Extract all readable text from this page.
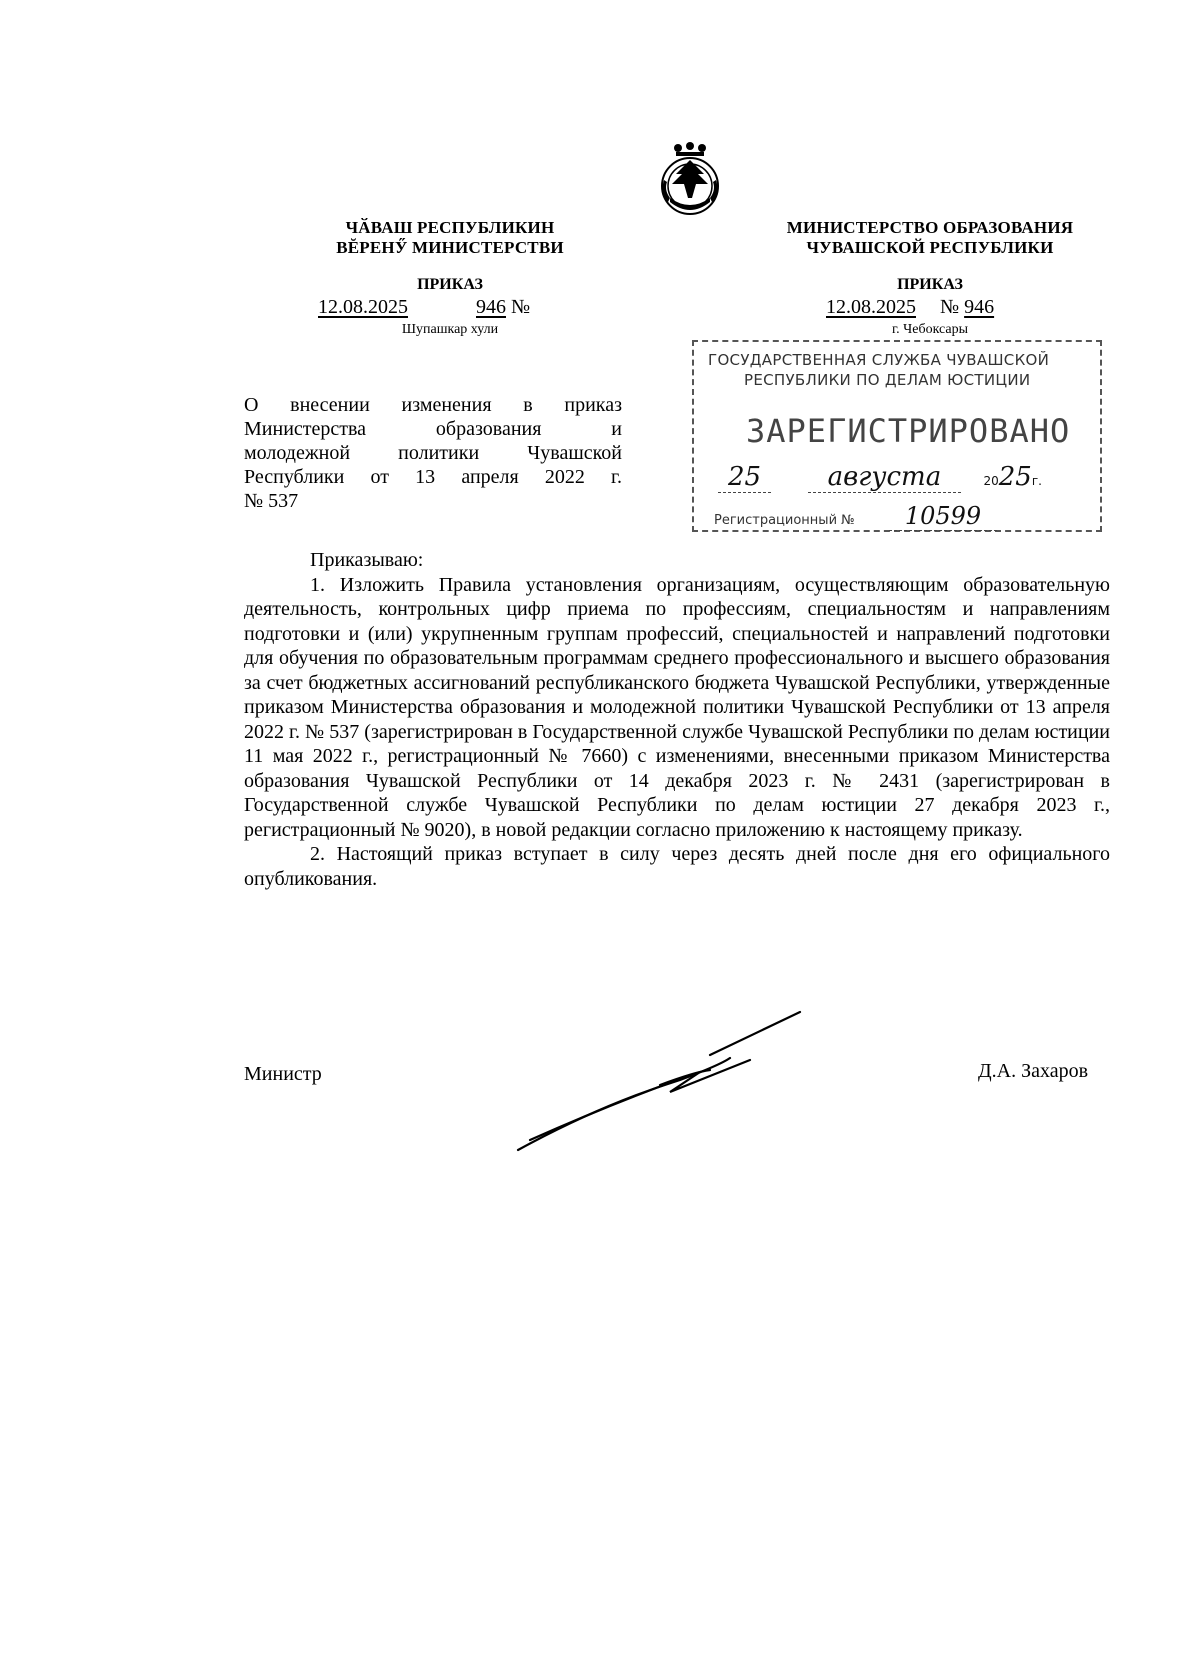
ЧӐВАШ РЕСПУБЛИКИН
ВĔРЕНӲ МИНИСТЕРСТВИ
ПРИКАЗ
12.08.2025	946 №
Шупашкар хули
МИНИСТЕРСТВО ОБРАЗОВАНИЯ
ЧУВАШСКОЙ РЕСПУБЛИКИ
ПРИКАЗ
12.08.2025 № 946
г. Чебоксары
ГОСУДАРСТВЕННАЯ СЛУЖБА ЧУВАШСКОЙ
РЕСПУБЛИКИ ПО ДЕЛАМ ЮСТИЦИИ
ЗАРЕГИСТРИРОВАНО
25	августа	2025г.
Регистрационный № 10599
О внесении изменения в приказ
Министерства образования и
молодежной политики Чувашской
Республики от 13 апреля 2022 г.
№ 537
Приказываю:

1. Изложить Правила установления организациям, осуществляющим образовательную деятельность, контрольных цифр приема по профессиям, специальностям и направлениям подготовки и (или) укрупненным группам профессий, специальностей и направлений подготовки для обучения по образовательным программам среднего профессионального и высшего образования за счет бюджетных ассигнований республиканского бюджета Чувашской Республики, утвержденные приказом Министерства образования и молодежной политики Чувашской Республики от 13 апреля 2022 г. № 537 (зарегистрирован в Государственной службе Чувашской Республики по делам юстиции 11 мая 2022 г., регистрационный № 7660) с изменениями, внесенными приказом Министерства образования Чувашской Республики от 14 декабря 2023 г. № 2431 (зарегистрирован в Государственной службе Чувашской Республики по делам юстиции 27 декабря 2023 г., регистрационный № 9020), в новой редакции согласно приложению к настоящему приказу.

2. Настоящий приказ вступает в силу через десять дней после дня его официального опубликования.

Министр	Д.А. Захаров
